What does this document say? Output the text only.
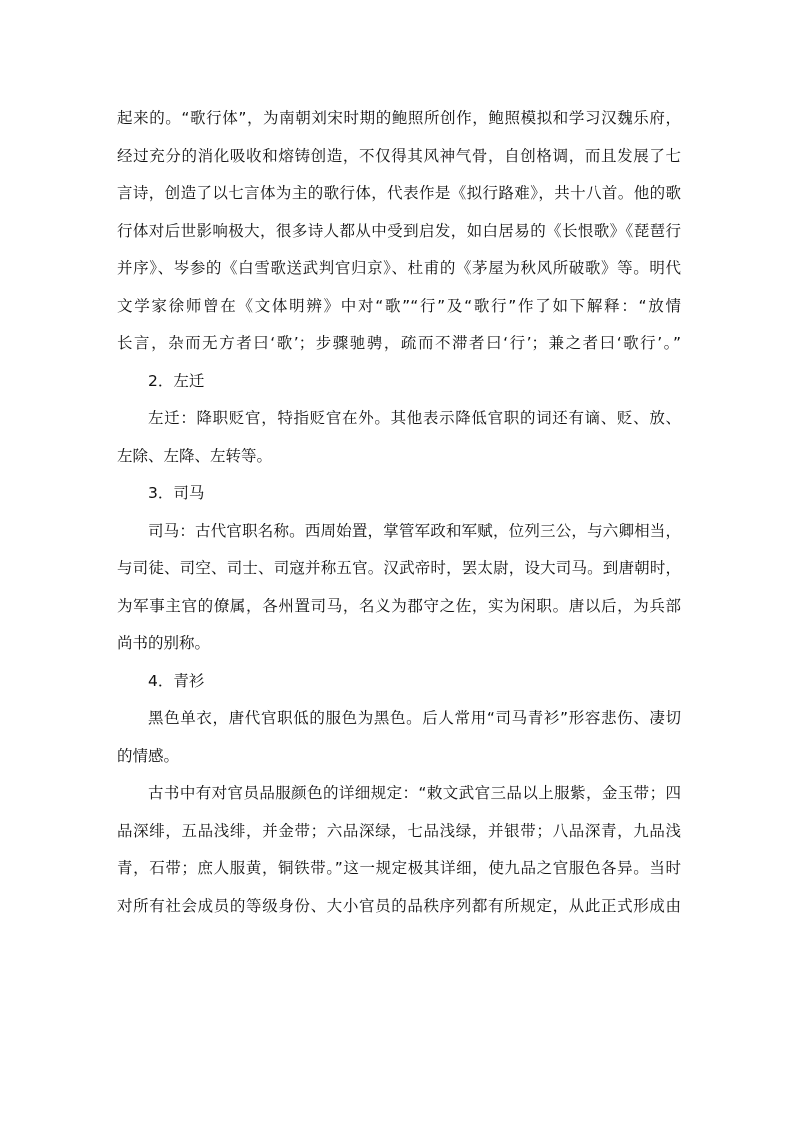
起来的。“歌行体”，为南朝刘宋时期的鲍照所创作，鲍照模拟和学习汉魏乐府，
经过充分的消化吸收和熔铸创造，不仅得其风神气骨，自创格调，而且发展了七
言诗，创造了以七言体为主的歌行体，代表作是《拟行路难》，共十八首。他的歌
行体对后世影响极大，很多诗人都从中受到启发，如白居易的《长恨歌》《琵琶行
并序》、岑参的《白雪歌送武判官归京》、杜甫的《茅屋为秋风所破歌》等。明代
文学家徐师曾在《文体明辨》中对“歌”“行”及“歌行”作了如下解释：“放情
长言，杂而无方者曰‘歌’；步骤驰骋，疏而不滞者曰‘行’；兼之者曰‘歌行’。”
2．左迁
左迁：降职贬官，特指贬官在外。其他表示降低官职的词还有谪、贬、放、
左除、左降、左转等。
3．司马
司马：古代官职名称。西周始置，掌管军政和军赋，位列三公，与六卿相当，
与司徒、司空、司士、司寇并称五官。汉武帝时，罢太尉，设大司马。到唐朝时，
为军事主官的僚属，各州置司马，名义为郡守之佐，实为闲职。唐以后，为兵部
尚书的别称。
4．青衫
黑色单衣，唐代官职低的服色为黑色。后人常用“司马青衫”形容悲伤、凄切
的情感。
古书中有对官员品服颜色的详细规定：“敕文武官三品以上服紫，金玉带；四
品深绯，五品浅绯，并金带；六品深绿，七品浅绿，并银带；八品深青，九品浅
青，石带；庶人服黄，铜铁带。”这一规定极其详细，使九品之官服色各异。当时
对所有社会成员的等级身份、大小官员的品秩序列都有所规定，从此正式形成由
